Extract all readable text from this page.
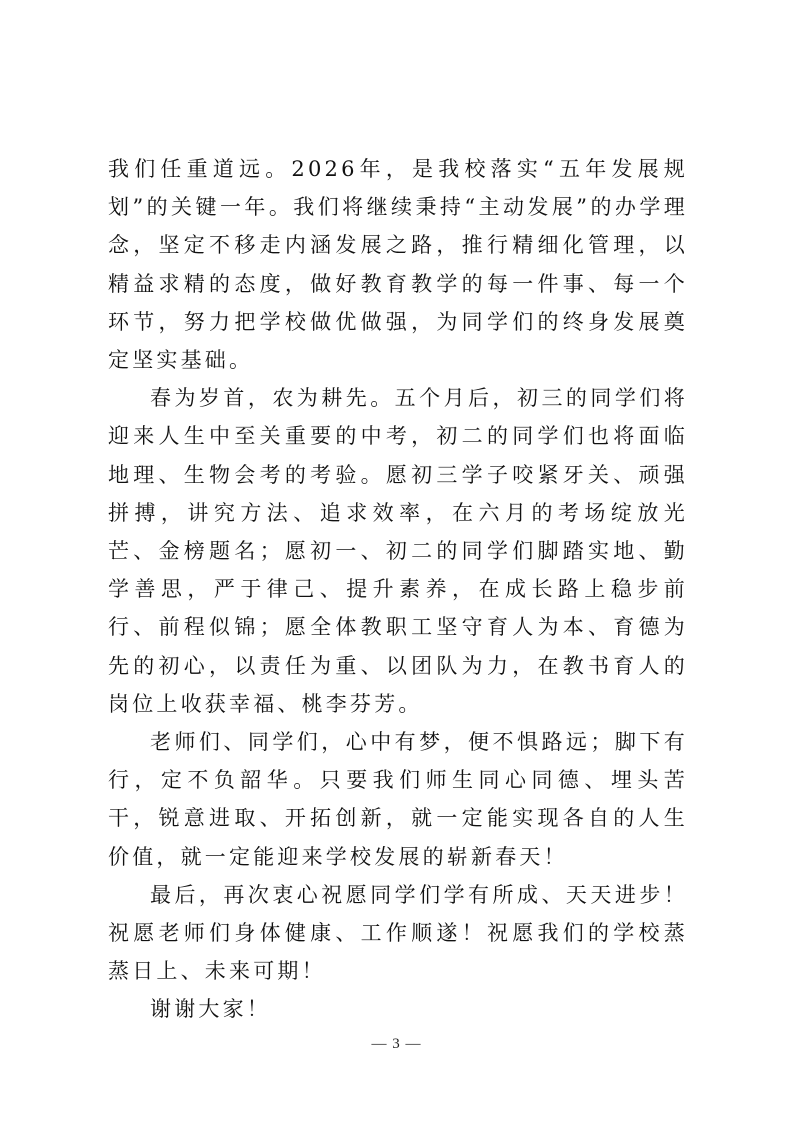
我们任重道远。2026年，是我校落实“五年发展规划”的关键一年。我们将继续秉持“主动发展”的办学理念，坚定不移走内涵发展之路，推行精细化管理，以精益求精的态度，做好教育教学的每一件事、每一个环节，努力把学校做优做强，为同学们的终身发展奠定坚实基础。

春为岁首，农为耕先。五个月后，初三的同学们将迎来人生中至关重要的中考，初二的同学们也将面临地理、生物会考的考验。愿初三学子咬紧牙关、顽强拼搏，讲究方法、追求效率，在六月的考场绽放光芒、金榜题名；愿初一、初二的同学们脚踏实地、勤学善思，严于律己、提升素养，在成长路上稳步前行、前程似锦；愿全体教职工坚守育人为本、育德为先的初心，以责任为重、以团队为力，在教书育人的岗位上收获幸福、桃李芬芳。

老师们、同学们，心中有梦，便不惧路远；脚下有行，定不负韶华。只要我们师生同心同德、埋头苦干，锐意进取、开拓创新，就一定能实现各自的人生价值，就一定能迎来学校发展的崭新春天！

最后，再次衷心祝愿同学们学有所成、天天进步！祝愿老师们身体健康、工作顺遂！祝愿我们的学校蒸蒸日上、未来可期！

谢谢大家！

— 3 —
